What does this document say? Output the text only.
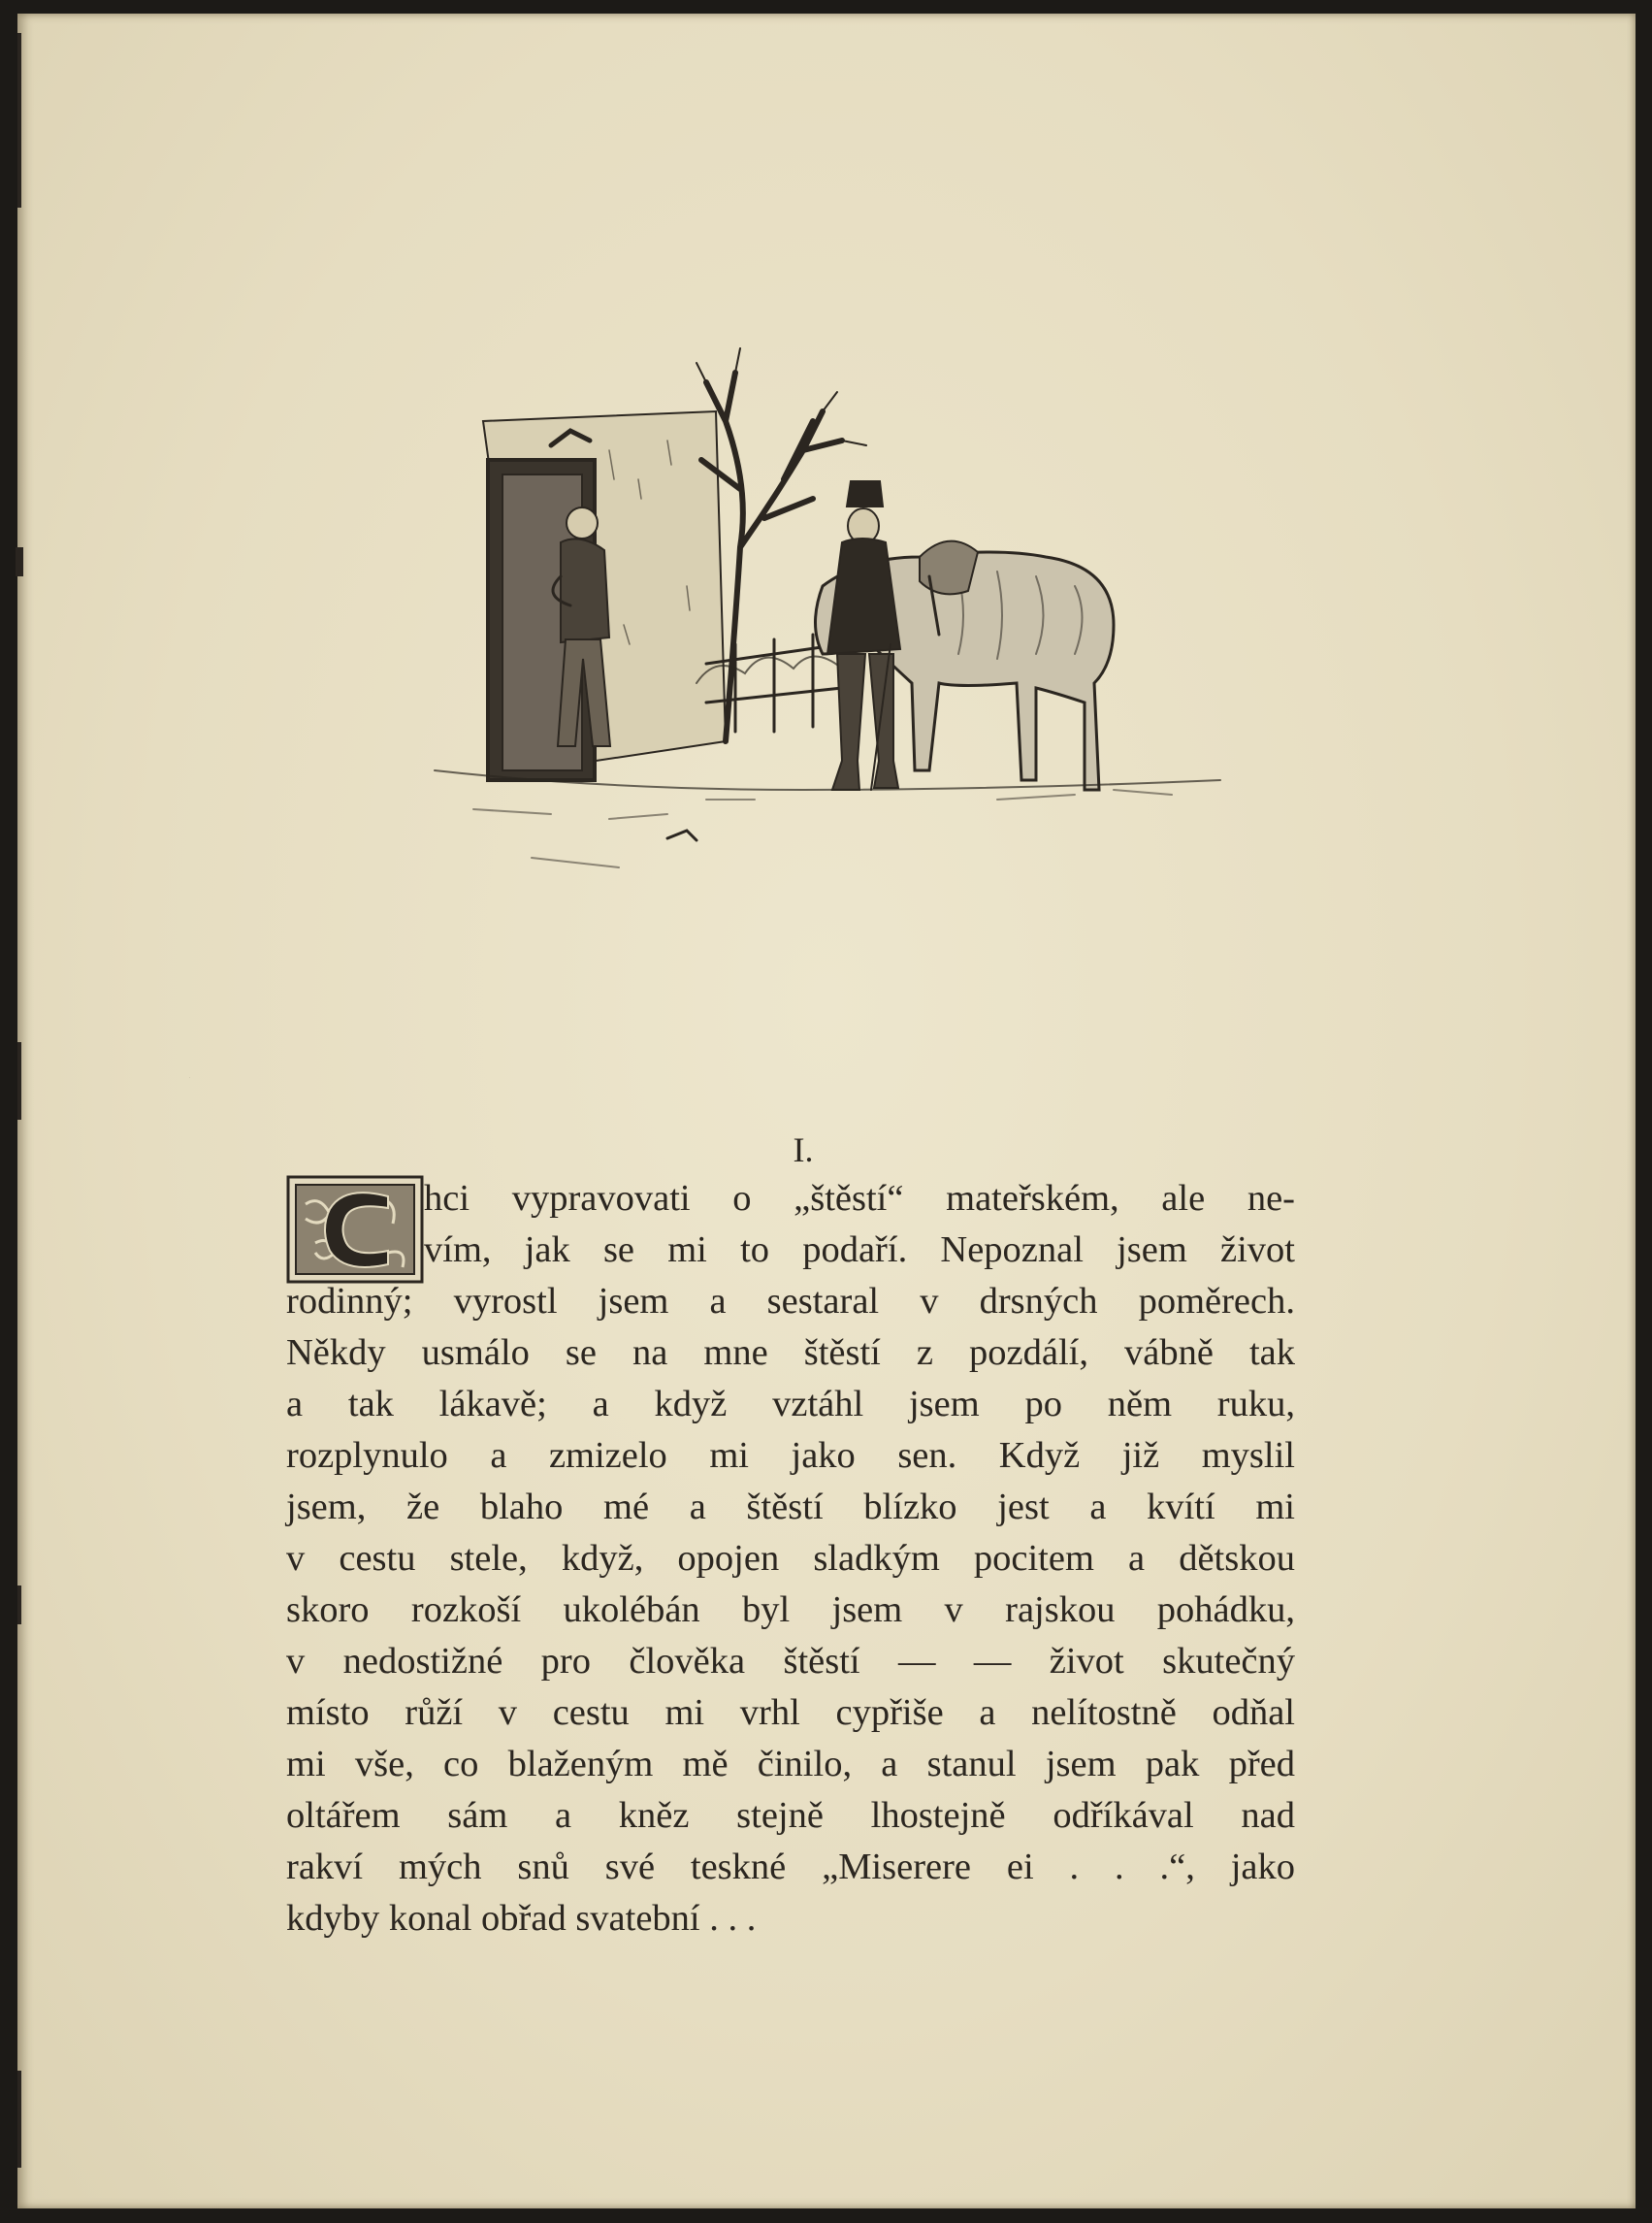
I.
C
hci vypravovati o „štěstí“ mateřském, ale ne-
vím, jak se mi to podaří. Nepoznal jsem život
rodinný; vyrostl jsem a sestaral v drsných poměrech.
Někdy usmálo se na mne štěstí z pozdálí, vábně tak
a tak lákavě; a když vztáhl jsem po něm ruku,
rozplynulo a zmizelo mi jako sen. Když již myslil
jsem, že blaho mé a štěstí blízko jest a kvítí mi
v cestu stele, když, opojen sladkým pocitem a dětskou
skoro rozkoší ukolébán byl jsem v rajskou pohádku,
v nedostižné pro člověka štěstí — — život skutečný
místo růží v cestu mi vrhl cypřiše a nelítostně odňal
mi vše, co blaženým mě činilo, a stanul jsem pak před
oltářem sám a kněz stejně lhostejně odříkával nad
rakví mých snů své teskné „Miserere ei . . .“, jako
kdyby konal obřad svatební . . .
